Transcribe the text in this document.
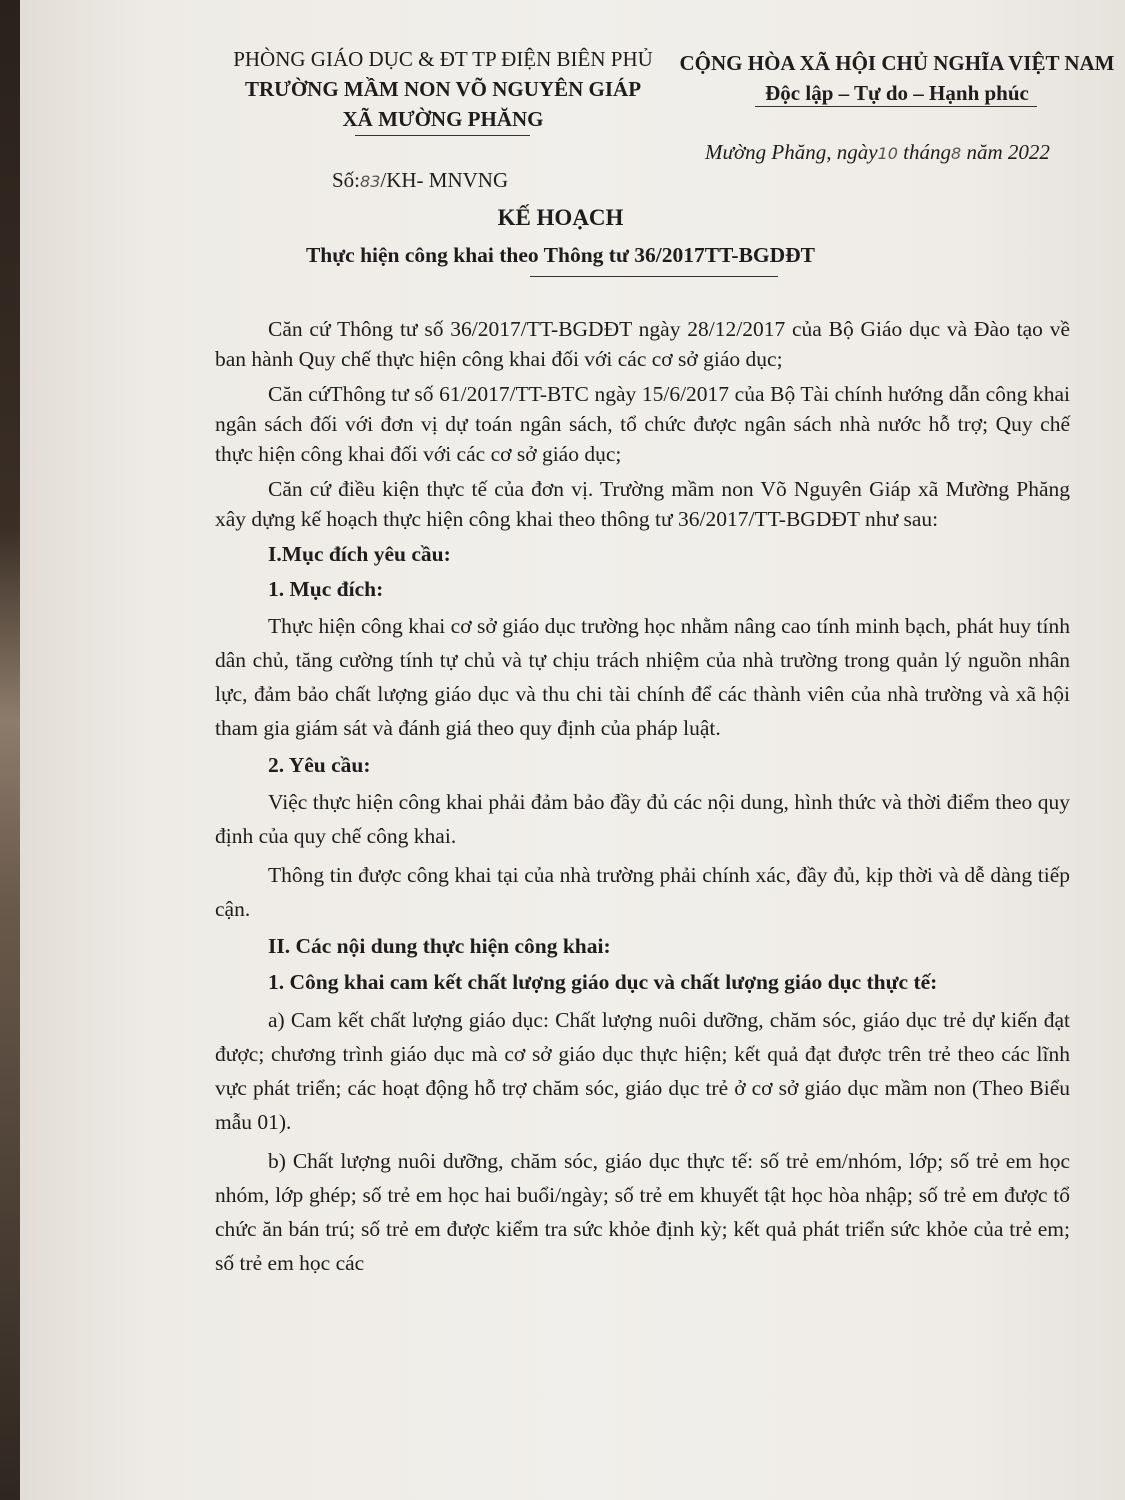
PHÒNG GIÁO DỤC & ĐT TP ĐIỆN BIÊN PHỦ
TRƯỜNG MẦM NON VÕ NGUYÊN GIÁP
XÃ MƯỜNG PHĂNG
CỘNG HÒA XÃ HỘI CHỦ NGHĨA VIỆT NAM
Độc lập – Tự do – Hạnh phúc
Mường Phăng, ngày10 tháng8 năm 2022
Số:83/KH- MNVNG
KẾ HOẠCH
Thực hiện công khai theo Thông tư 36/2017TT-BGDĐT

Căn cứ Thông tư số 36/2017/TT-BGDĐT ngày 28/12/2017 của Bộ Giáo dục và Đào tạo về ban hành Quy chế thực hiện công khai đối với các cơ sở giáo dục;

Căn cứThông tư số 61/2017/TT-BTC ngày 15/6/2017 của Bộ Tài chính hướng dẫn công khai ngân sách đối với đơn vị dự toán ngân sách, tổ chức được ngân sách nhà nước hỗ trợ; Quy chế thực hiện công khai đối với các cơ sở giáo dục;

Căn cứ điều kiện thực tế của đơn vị. Trường mầm non Võ Nguyên Giáp xã Mường Phăng xây dựng kế hoạch thực hiện công khai theo thông tư 36/2017/TT-BGDĐT như sau:

I.Mục đích yêu cầu:
1. Mục đích:

Thực hiện công khai cơ sở giáo dục trường học nhằm nâng cao tính minh bạch, phát huy tính dân chủ, tăng cường tính tự chủ và tự chịu trách nhiệm của nhà trường trong quản lý nguồn nhân lực, đảm bảo chất lượng giáo dục và thu chi tài chính để các thành viên của nhà trường và xã hội tham gia giám sát và đánh giá theo quy định của pháp luật.

2. Yêu cầu:

Việc thực hiện công khai phải đảm bảo đầy đủ các nội dung, hình thức và thời điểm theo quy định của quy chế công khai.

Thông tin được công khai tại của nhà trường phải chính xác, đầy đủ, kịp thời và dễ dàng tiếp cận.

II. Các nội dung thực hiện công khai:
1. Công khai cam kết chất lượng giáo dục và chất lượng giáo dục thực tế:

a) Cam kết chất lượng giáo dục: Chất lượng nuôi dưỡng, chăm sóc, giáo dục trẻ dự kiến đạt được; chương trình giáo dục mà cơ sở giáo dục thực hiện; kết quả đạt được trên trẻ theo các lĩnh vực phát triển; các hoạt động hỗ trợ chăm sóc, giáo dục trẻ ở cơ sở giáo dục mầm non (Theo Biểu mẫu 01).

b) Chất lượng nuôi dưỡng, chăm sóc, giáo dục thực tế: số trẻ em/nhóm, lớp; số trẻ em học nhóm, lớp ghép; số trẻ em học hai buổi/ngày; số trẻ em khuyết tật học hòa nhập; số trẻ em được tổ chức ăn bán trú; số trẻ em được kiểm tra sức khỏe định kỳ; kết quả phát triển sức khỏe của trẻ em; số trẻ em học các
